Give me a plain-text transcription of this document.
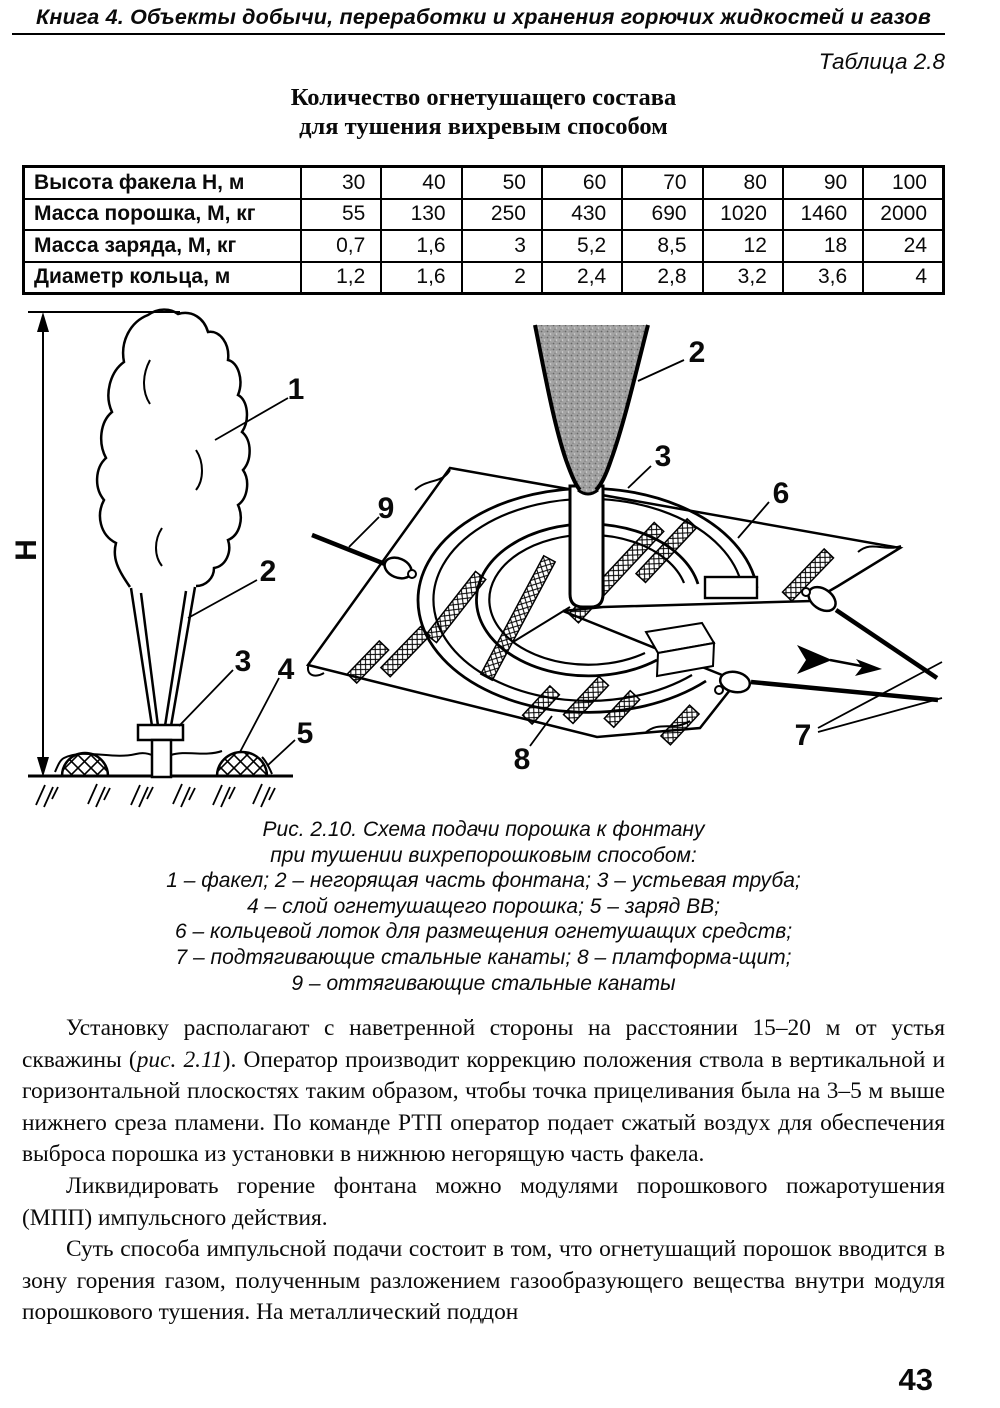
Книга 4. Объекты добычи, переработки и хранения горючих жидкостей и газов
Таблица 2.8
Количество огнетушащего состава
для тушения вихревым способом
Высота факела Н, м	30	40	50	60	70	80	90	100
Масса порошка, М, кг	55	130	250	430	690	1020	1460	2000
Масса заряда, М, кг	0,7	1,6	3	5,2	8,5	12	18	24
Диаметр кольца, м	1,2	1,6	2	2,4	2,8	3,2	3,6	4
H
1
2
3 4
5
2
3
6
9
8
7
Рис. 2.10. Схема подачи порошка к фонтану
при тушении вихрепорошковым способом:
1 – факел; 2 – негорящая часть фонтана; 3 – устьевая труба;
4 – слой огнетушащего порошка; 5 – заряд ВВ;
6 – кольцевой лоток для размещения огнетушащих средств;
7 – подтягивающие стальные канаты; 8 – платформа-щит;
9 – оттягивающие стальные канаты

Установку располагают с наветренной стороны на расстоянии 15–20 м от устья скважины (рис. 2.11). Оператор производит коррекцию положения ствола в вертикальной и горизонтальной плоскостях таким образом, чтобы точка прицеливания была на 3–5 м выше нижнего среза пламени. По команде РТП оператор подает сжатый воздух для обеспечения выброса порошка из установки в нижнюю негорящую часть факела.

Ликвидировать горение фонтана можно модулями порошкового пожаротушения (МПП) импульсного действия.

Суть способа импульсной подачи состоит в том, что огнетушащий порошок вводится в зону горения газом, полученным разложением газообразующего вещества внутри модуля порошкового тушения. На металлический поддон

43
